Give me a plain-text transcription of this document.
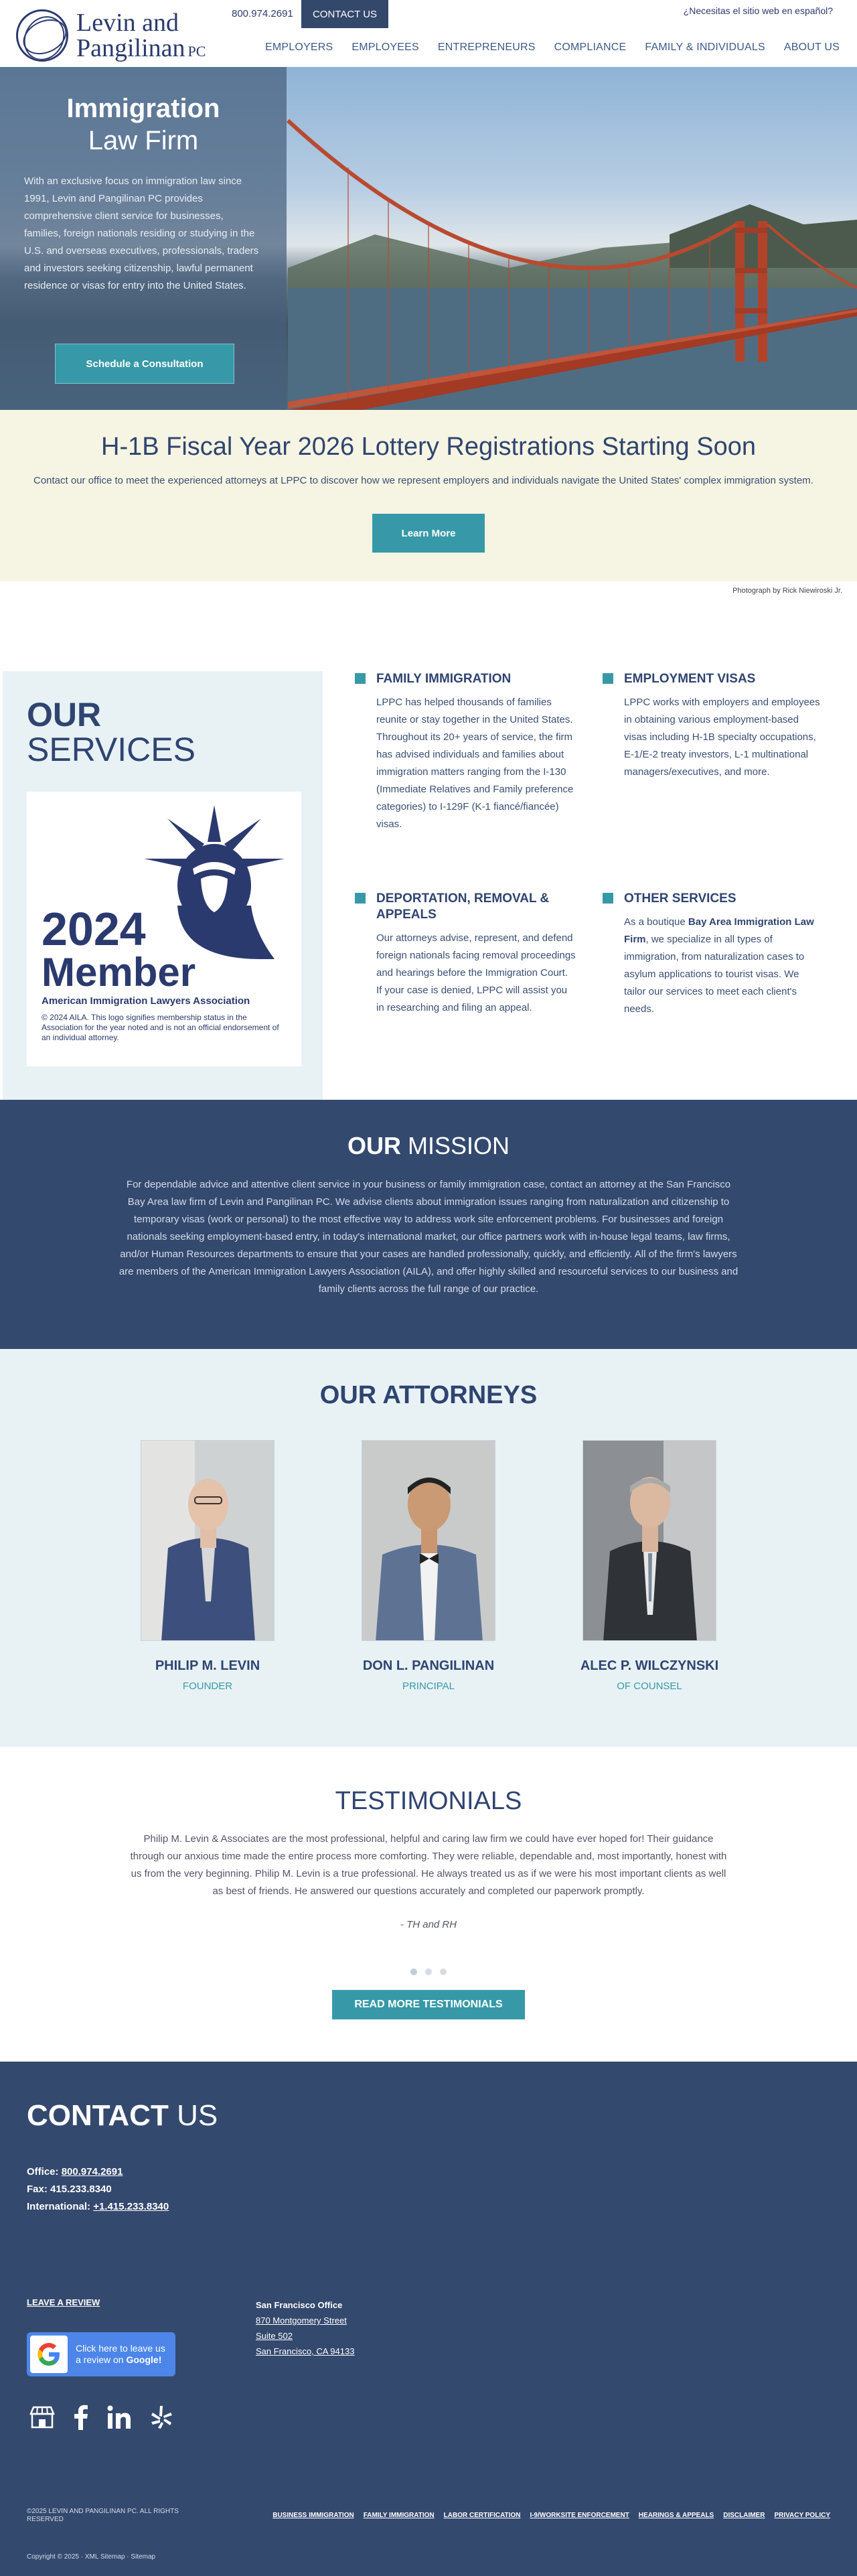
Levin and
Pangilinan PC
800.974.2691	CONTACT US	¿Necesitas el sitio web en español?
EMPLOYERS EMPLOYEES ENTREPRENEURS COMPLIANCE FAMILY & INDIVIDUALS ABOUT US
Immigration
Law Firm

With an exclusive focus on immigration law since 1991, Levin and Pangilinan PC provides comprehensive client service for businesses, families, foreign nationals residing or studying in the U.S. and overseas executives, professionals, traders and investors seeking citizenship, lawful permanent residence or visas for entry into the United States.

Schedule a Consultation
H-1B Fiscal Year 2026 Lottery Registrations Starting Soon

Contact our office to meet the experienced attorneys at LPPC to discover how we represent employers and individuals navigate the United States' complex immigration system.

Learn More
Photograph by Rick Niewiroski Jr.
OUR
SERVICES
2024
Member
American Immigration Lawyers Association
© 2024 AILA. This logo signifies membership status in the Association for the year noted and is not an official endorsement of an individual attorney.
FAMILY IMMIGRATION

LPPC has helped thousands of families reunite or stay together in the United States. Throughout its 20+ years of service, the firm has advised individuals and families about immigration matters ranging from the I-130 (Immediate Relatives and Family preference categories) to I-129F (K-1 fiancé/fiancée) visas.

EMPLOYMENT VISAS

LPPC works with employers and employees in obtaining various employment-based visas including H-1B specialty occupations, E-1/E-2 treaty investors, L-1 multinational managers/executives, and more.

DEPORTATION, REMOVAL & APPEALS

Our attorneys advise, represent, and defend foreign nationals facing removal proceedings and hearings before the Immigration Court. If your case is denied, LPPC will assist you in researching and filing an appeal.

OTHER SERVICES

As a boutique Bay Area Immigration Law Firm, we specialize in all types of immigration, from naturalization cases to asylum applications to tourist visas. We tailor our services to meet each client's needs.

OUR MISSION

For dependable advice and attentive client service in your business or family immigration case, contact an attorney at the San Francisco Bay Area law firm of Levin and Pangilinan PC. We advise clients about immigration issues ranging from naturalization and citizenship to temporary visas (work or personal) to the most effective way to address work site enforcement problems. For businesses and foreign nationals seeking employment-based entry, in today's international market, our office partners work with in-house legal teams, law firms, and/or Human Resources departments to ensure that your cases are handled professionally, quickly, and efficiently. All of the firm's lawyers are members of the American Immigration Lawyers Association (AILA), and offer highly skilled and resourceful services to our business and family clients across the full range of our practice.

OUR ATTORNEYS
PHILIP M. LEVIN
FOUNDER
DON L. PANGILINAN
PRINCIPAL
ALEC P. WILCZYNSKI
OF COUNSEL
TESTIMONIALS

Philip M. Levin & Associates are the most professional, helpful and caring law firm we could have ever hoped for! Their guidance through our anxious time made the entire process more comforting. They were reliable, dependable and, most importantly, honest with us from the very beginning. Philip M. Levin is a true professional. He always treated us as if we were his most important clients as well as best of friends. He answered our questions accurately and completed our paperwork promptly.

- TH and RH

READ MORE TESTIMONIALS
CONTACT US
Office: 800.974.2691
Fax: 415.233.8340
International: +1.415.233.8340
LEAVE A REVIEW
Click here to leave us
a review on Google!
San Francisco Office
870 Montgomery Street
Suite 502
San Francisco, CA 94133
©2025 LEVIN AND PANGILINAN PC. ALL RIGHTS RESERVED
BUSINESS IMMIGRATION FAMILY IMMIGRATION LABOR CERTIFICATION I-9/WORKSITE ENFORCEMENT HEARINGS & APPEALS DISCLAIMER PRIVACY POLICY
Copyright © 2025 · XML Sitemap · Sitemap
